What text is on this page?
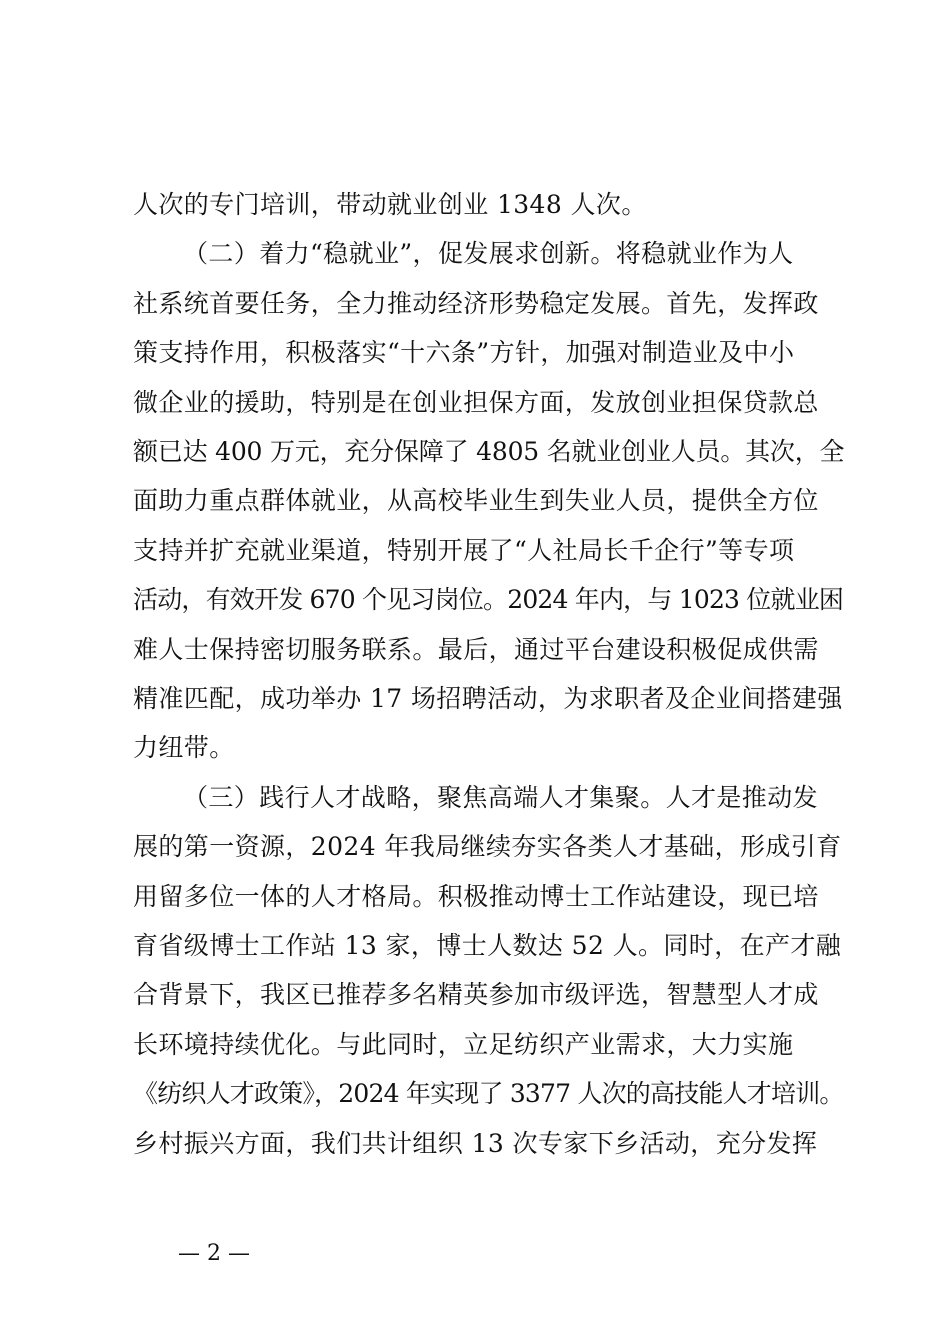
人次的专门培训，带动就业创业 1348 人次。
（二）着力“稳就业”，促发展求创新。将稳就业作为人
社系统首要任务，全力推动经济形势稳定发展。首先，发挥政
策支持作用，积极落实“十六条”方针，加强对制造业及中小
微企业的援助，特别是在创业担保方面，发放创业担保贷款总
额已达 400 万元，充分保障了 4805 名就业创业人员。其次，全
面助力重点群体就业，从高校毕业生到失业人员，提供全方位
支持并扩充就业渠道，特别开展了“人社局长千企行”等专项
活动，有效开发 670 个见习岗位。2024 年内，与 1023 位就业困
难人士保持密切服务联系。最后，通过平台建设积极促成供需
精准匹配，成功举办 17 场招聘活动，为求职者及企业间搭建强
力纽带。
（三）践行人才战略，聚焦高端人才集聚。人才是推动发
展的第一资源，2024 年我局继续夯实各类人才基础，形成引育
用留多位一体的人才格局。积极推动博士工作站建设，现已培
育省级博士工作站 13 家，博士人数达 52 人。同时，在产才融
合背景下，我区已推荐多名精英参加市级评选，智慧型人才成
长环境持续优化。与此同时，立足纺织产业需求，大力实施
《纺织人才政策》，2024 年实现了 3377 人次的高技能人才培训。
乡村振兴方面，我们共计组织 13 次专家下乡活动，充分发挥
— 2 —
